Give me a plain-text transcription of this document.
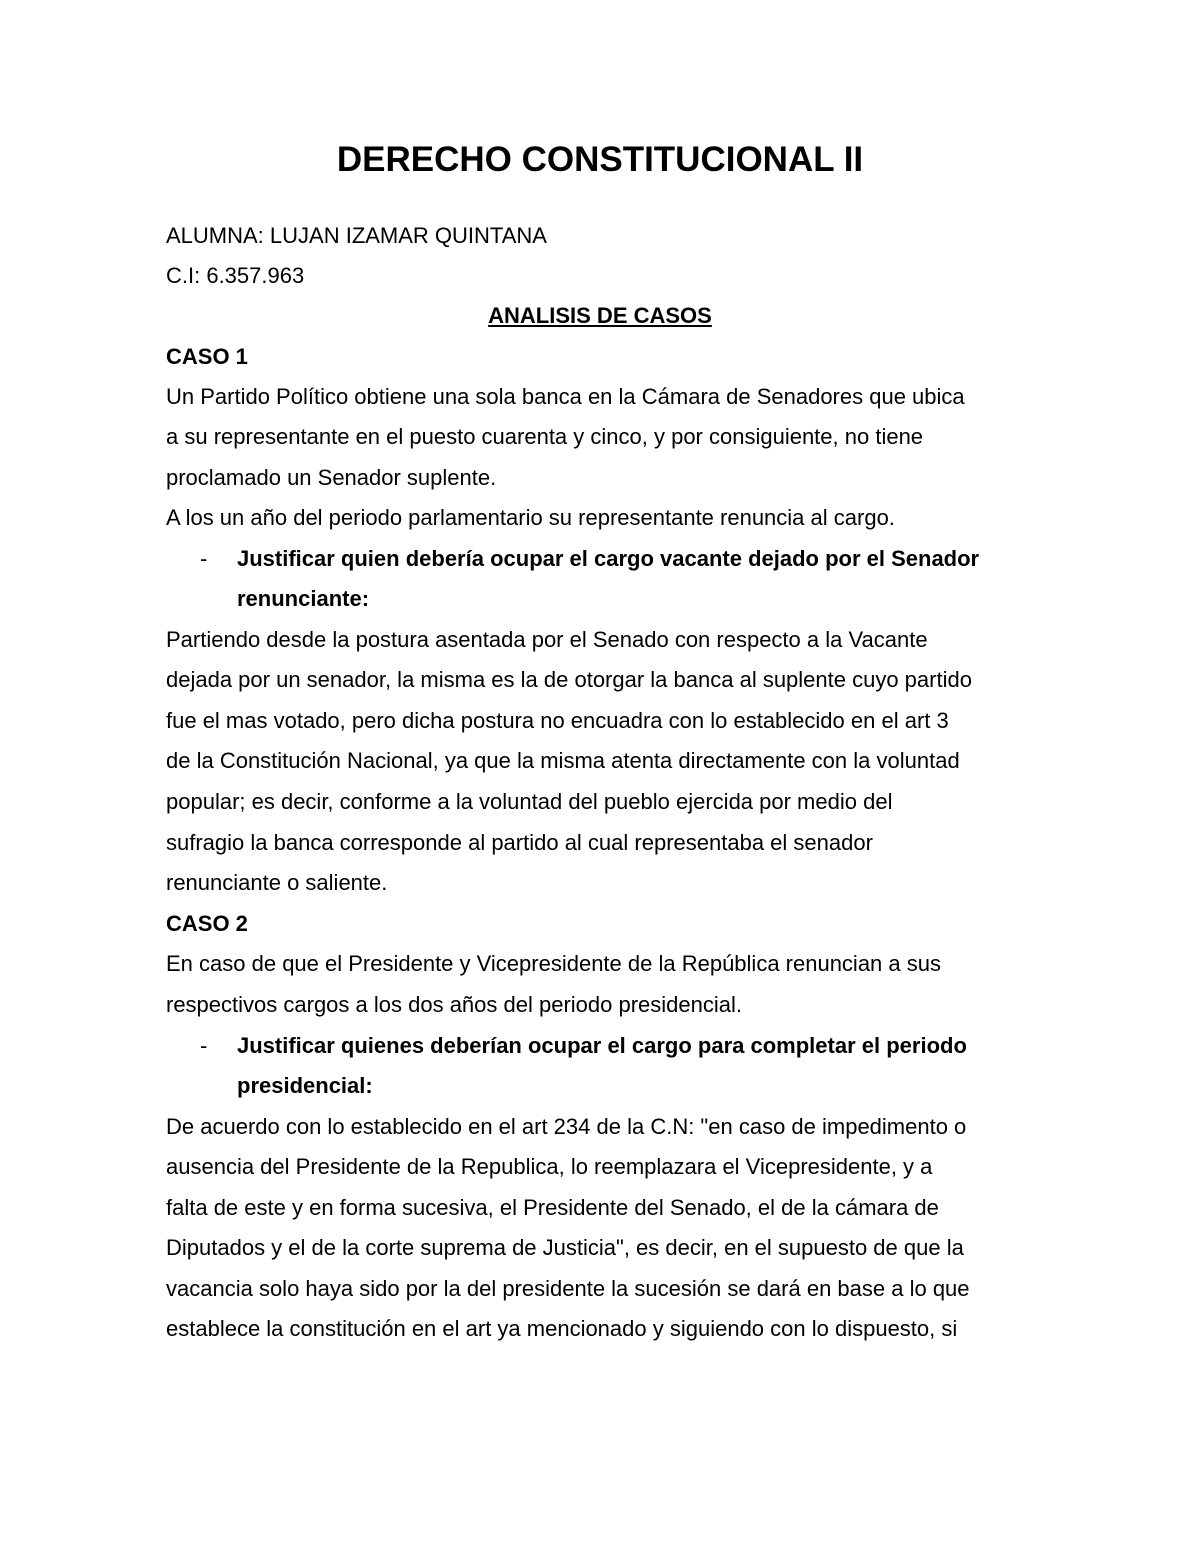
DERECHO CONSTITUCIONAL II
ALUMNA: LUJAN IZAMAR QUINTANA
C.I: 6.357.963
ANALISIS DE CASOS
CASO 1
Un Partido Político obtiene una sola banca en la Cámara de Senadores que ubica
a su representante en el puesto cuarenta y cinco, y por consiguiente, no tiene
proclamado un Senador suplente.
A los un año del periodo parlamentario su representante renuncia al cargo.
- Justificar quien debería ocupar el cargo vacante dejado por el Senador
renunciante:
Partiendo desde la postura asentada por el Senado con respecto a la Vacante
dejada por un senador, la misma es la de otorgar la banca al suplente cuyo partido
fue el mas votado, pero dicha postura no encuadra con lo establecido en el art 3
de la Constitución Nacional, ya que la misma atenta directamente con la voluntad
popular; es decir, conforme a la voluntad del pueblo ejercida por medio del
sufragio la banca corresponde al partido al cual representaba el senador
renunciante o saliente.
CASO 2
En caso de que el Presidente y Vicepresidente de la República renuncian a sus
respectivos cargos a los dos años del periodo presidencial.
- Justificar quienes deberían ocupar el cargo para completar el periodo
presidencial:
De acuerdo con lo establecido en el art 234 de la C.N: "en caso de impedimento o
ausencia del Presidente de la Republica, lo reemplazara el Vicepresidente, y a
falta de este y en forma sucesiva, el Presidente del Senado, el de la cámara de
Diputados y el de la corte suprema de Justicia", es decir, en el supuesto de que la
vacancia solo haya sido por la del presidente la sucesión se dará en base a lo que
establece la constitución en el art ya mencionado y siguiendo con lo dispuesto, si
